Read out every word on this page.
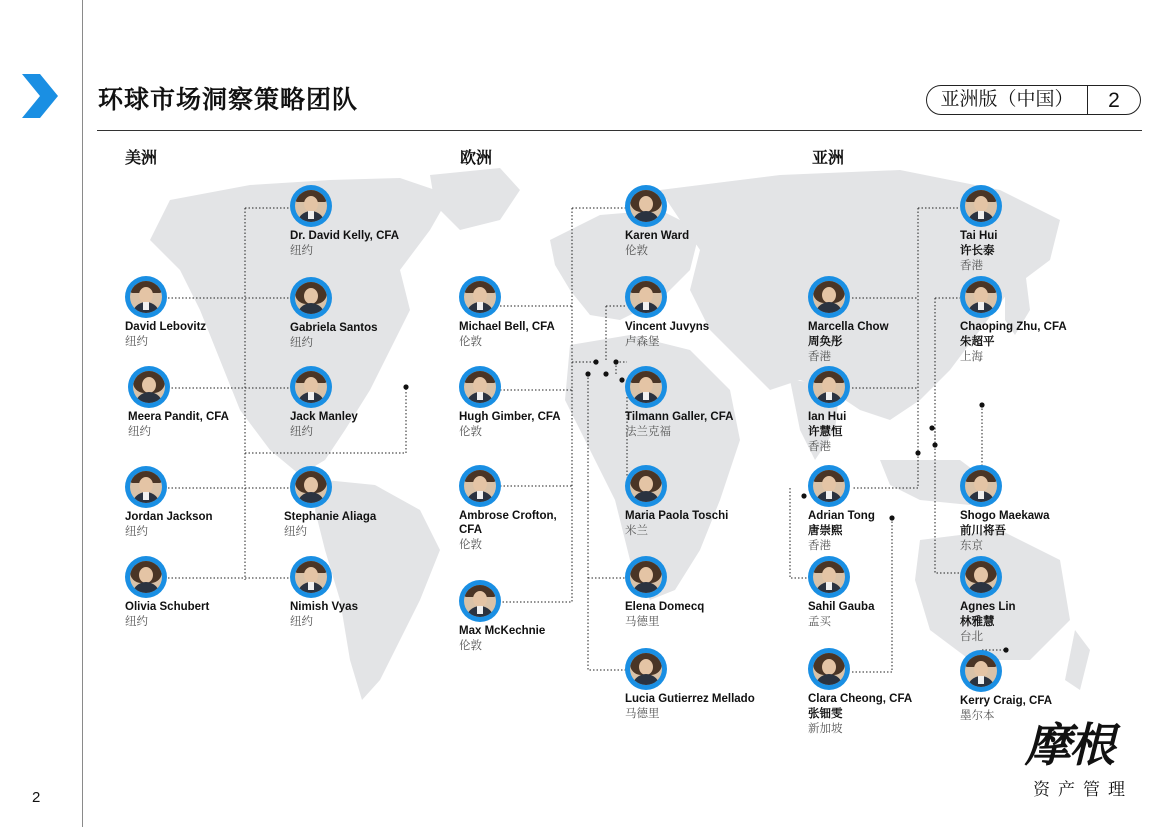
环球市场洞察策略团队	亚洲版（中国）	2
美洲	欧洲	亚洲
Dr. David Kelly, CFA
纽约
David Lebovitz
纽约
Gabriela Santos
纽约
Meera Pandit, CFA
纽约
Jack Manley
纽约
Jordan Jackson
纽约
Stephanie Aliaga
纽约
Olivia Schubert
纽约
Nimish Vyas
纽约
Karen Ward
伦敦
Michael Bell, CFA
伦敦
Vincent Juvyns
卢森堡
Hugh Gimber, CFA
伦敦
Tilmann Galler, CFA
法兰克福
Ambrose Crofton,
CFA
伦敦
Maria Paola Toschi
米兰
Max McKechnie
伦敦
Elena Domecq
马德里
Lucia Gutierrez Mellado
马德里
Tai Hui
许长泰
香港
Marcella Chow
周奂彤
香港
Chaoping Zhu, CFA
朱超平
上海
Ian Hui
许慧恒
香港
Adrian Tong
唐崇熙
香港
Shogo Maekawa
前川将吾
东京
Sahil Gauba
孟买
Agnes Lin
林雅慧
台北
Clara Cheong, CFA
张钿雯
新加坡
Kerry Craig, CFA
墨尔本
2
摩根
资产管理
